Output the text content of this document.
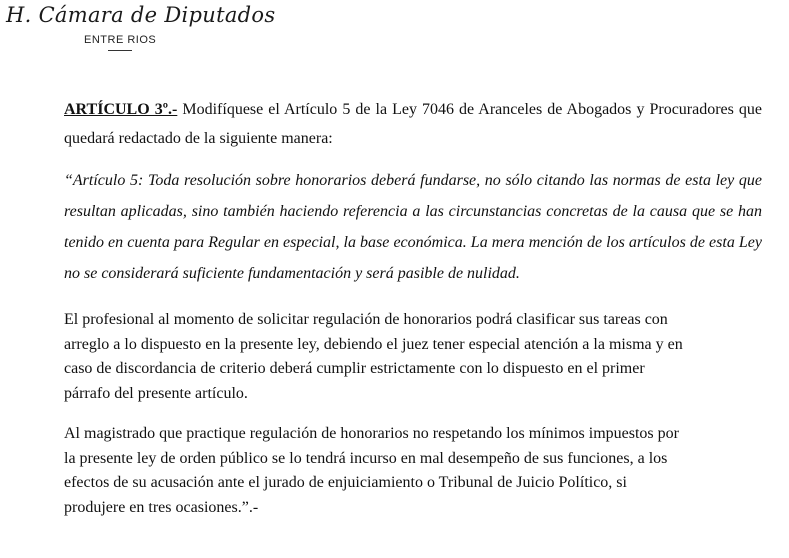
H. Cámara de Diputados
ENTRE RIOS

ARTÍCULO 3º.- Modifíquese el Artículo 5 de la Ley 7046 de Aranceles de Abogados y Procuradores que quedará redactado de la siguiente manera:

“Artículo 5: Toda resolución sobre honorarios deberá fundarse, no sólo citando las normas de esta ley que resultan aplicadas, sino también haciendo referencia a las circunstancias concretas de la causa que se han tenido en cuenta para Regular en especial, la base económica. La mera mención de los artículos de esta Ley no se considerará suficiente fundamentación y será pasible de nulidad.

El profesional al momento de solicitar regulación de honorarios podrá clasificar sus tareas con
arreglo a lo dispuesto en la presente ley, debiendo el juez tener especial atención a la misma y en
caso de discordancia de criterio deberá cumplir estrictamente con lo dispuesto en el primer
párrafo del presente artículo.

Al magistrado que practique regulación de honorarios no respetando los mínimos impuestos por
la presente ley de orden público se lo tendrá incurso en mal desempeño de sus funciones, a los
efectos de su acusación ante el jurado de enjuiciamiento o Tribunal de Juicio Político, si
produjere en tres ocasiones.”.-
